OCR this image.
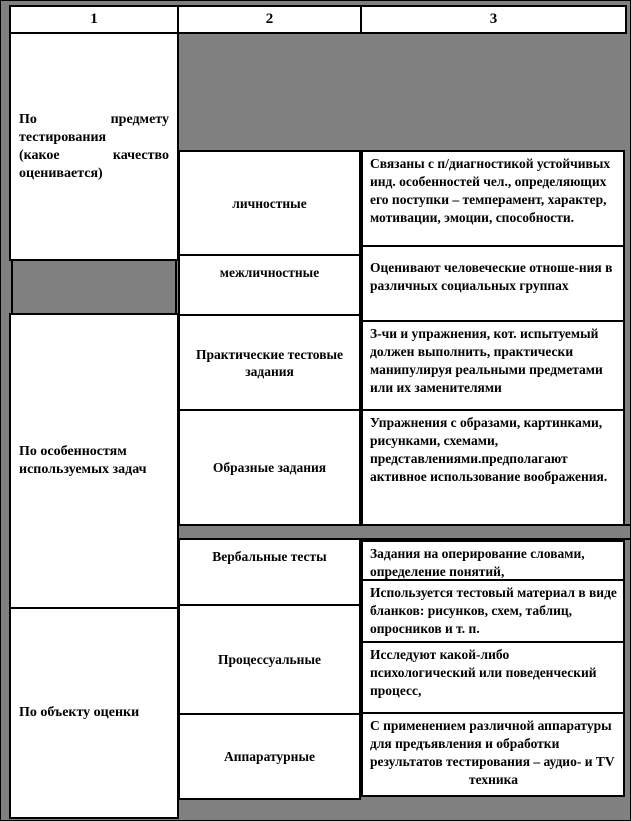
1	2	3
По предмету
тестирования
(какое качество
оценивается)
По особенностям используемых задач
По объекту оценки
личностные
межличностные
Практические тестовые задания
Образные задания
Вербальные тесты
Процессуальные
Аппаратурные
Связаны с п/диагностикой устойчивых инд. особенностей чел., определяющих его поступки – темперамент, характер, мотивации, эмоции, способности.
Оценивают человеческие отноше-ния в различных социальных группах
З-чи и упражнения, кот. испытуемый должен выполнить, практически манипулируя реальными предметами или их заменителями
Упражнения с образами, картинками, рисунками, схемами, представлениями.предполагают активное использование воображения.
Задания на оперирование словами, определение понятий,
Используется тестовый материал в виде бланков: рисунков, схем, таблиц, опросников и т. п.
Исследуют какой-либо психологический или поведенческий процесс,
С применением различной аппаратуры для предъявления и обработки результатов тестирования – аудио- и TV
техника
